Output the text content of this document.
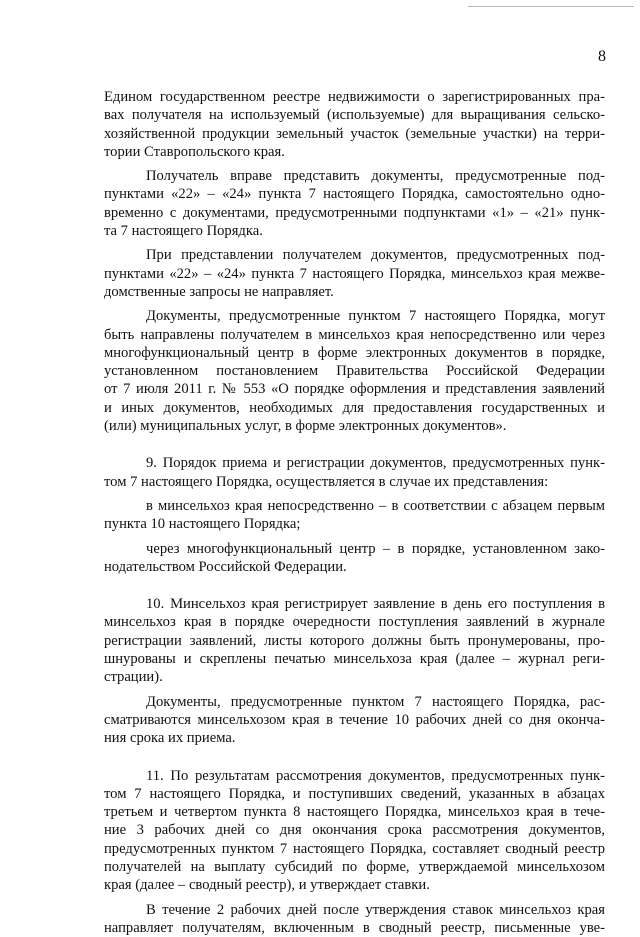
8

Едином государственном реестре недвижимости о зарегистрированных пра-
вах получателя на используемый (используемые) для выращивания сельско-
хозяйственной продукции земельный участок (земельные участки) на терри-
тории Ставропольского края.

Получатель вправе представить документы, предусмотренные под-
пунктами «22» – «24» пункта 7 настоящего Порядка, самостоятельно одно-
временно с документами, предусмотренными подпунктами «1» – «21» пунк-
та 7 настоящего Порядка.

При представлении получателем документов, предусмотренных под-
пунктами «22» – «24» пункта 7 настоящего Порядка, минсельхоз края межве-
домственные запросы не направляет.

Документы, предусмотренные пунктом 7 настоящего Порядка, могут
быть направлены получателем в минсельхоз края непосредственно или через
многофункциональный центр в форме электронных документов в порядке,
установленном постановлением Правительства Российской Федерации
от 7 июля 2011 г. № 553 «О порядке оформления и представления заявлений
и иных документов, необходимых для предоставления государственных и
(или) муниципальных услуг, в форме электронных документов».

9. Порядок приема и регистрации документов, предусмотренных пунк-
том 7 настоящего Порядка, осуществляется в случае их представления:

в минсельхоз края непосредственно – в соответствии с абзацем первым
пункта 10 настоящего Порядка;

через многофункциональный центр – в порядке, установленном зако-
нодательством Российской Федерации.

10. Минсельхоз края регистрирует заявление в день его поступления в
минсельхоз края в порядке очередности поступления заявлений в журнале
регистрации заявлений, листы которого должны быть пронумерованы, про-
шнурованы и скреплены печатью минсельхоза края (далее – журнал реги-
страции).

Документы, предусмотренные пунктом 7 настоящего Порядка, рас-
сматриваются минсельхозом края в течение 10 рабочих дней со дня оконча-
ния срока их приема.

11. По результатам рассмотрения документов, предусмотренных пунк-
том 7 настоящего Порядка, и поступивших сведений, указанных в абзацах
третьем и четвертом пункта 8 настоящего Порядка, минсельхоз края в тече-
ние 3 рабочих дней со дня окончания срока рассмотрения документов,
предусмотренных пунктом 7 настоящего Порядка, составляет сводный реестр
получателей на выплату субсидий по форме, утверждаемой минсельхозом
края (далее – сводный реестр), и утверждает ставки.

В течение 2 рабочих дней после утверждения ставок минсельхоз края
направляет получателям, включенным в сводный реестр, письменные уве-
